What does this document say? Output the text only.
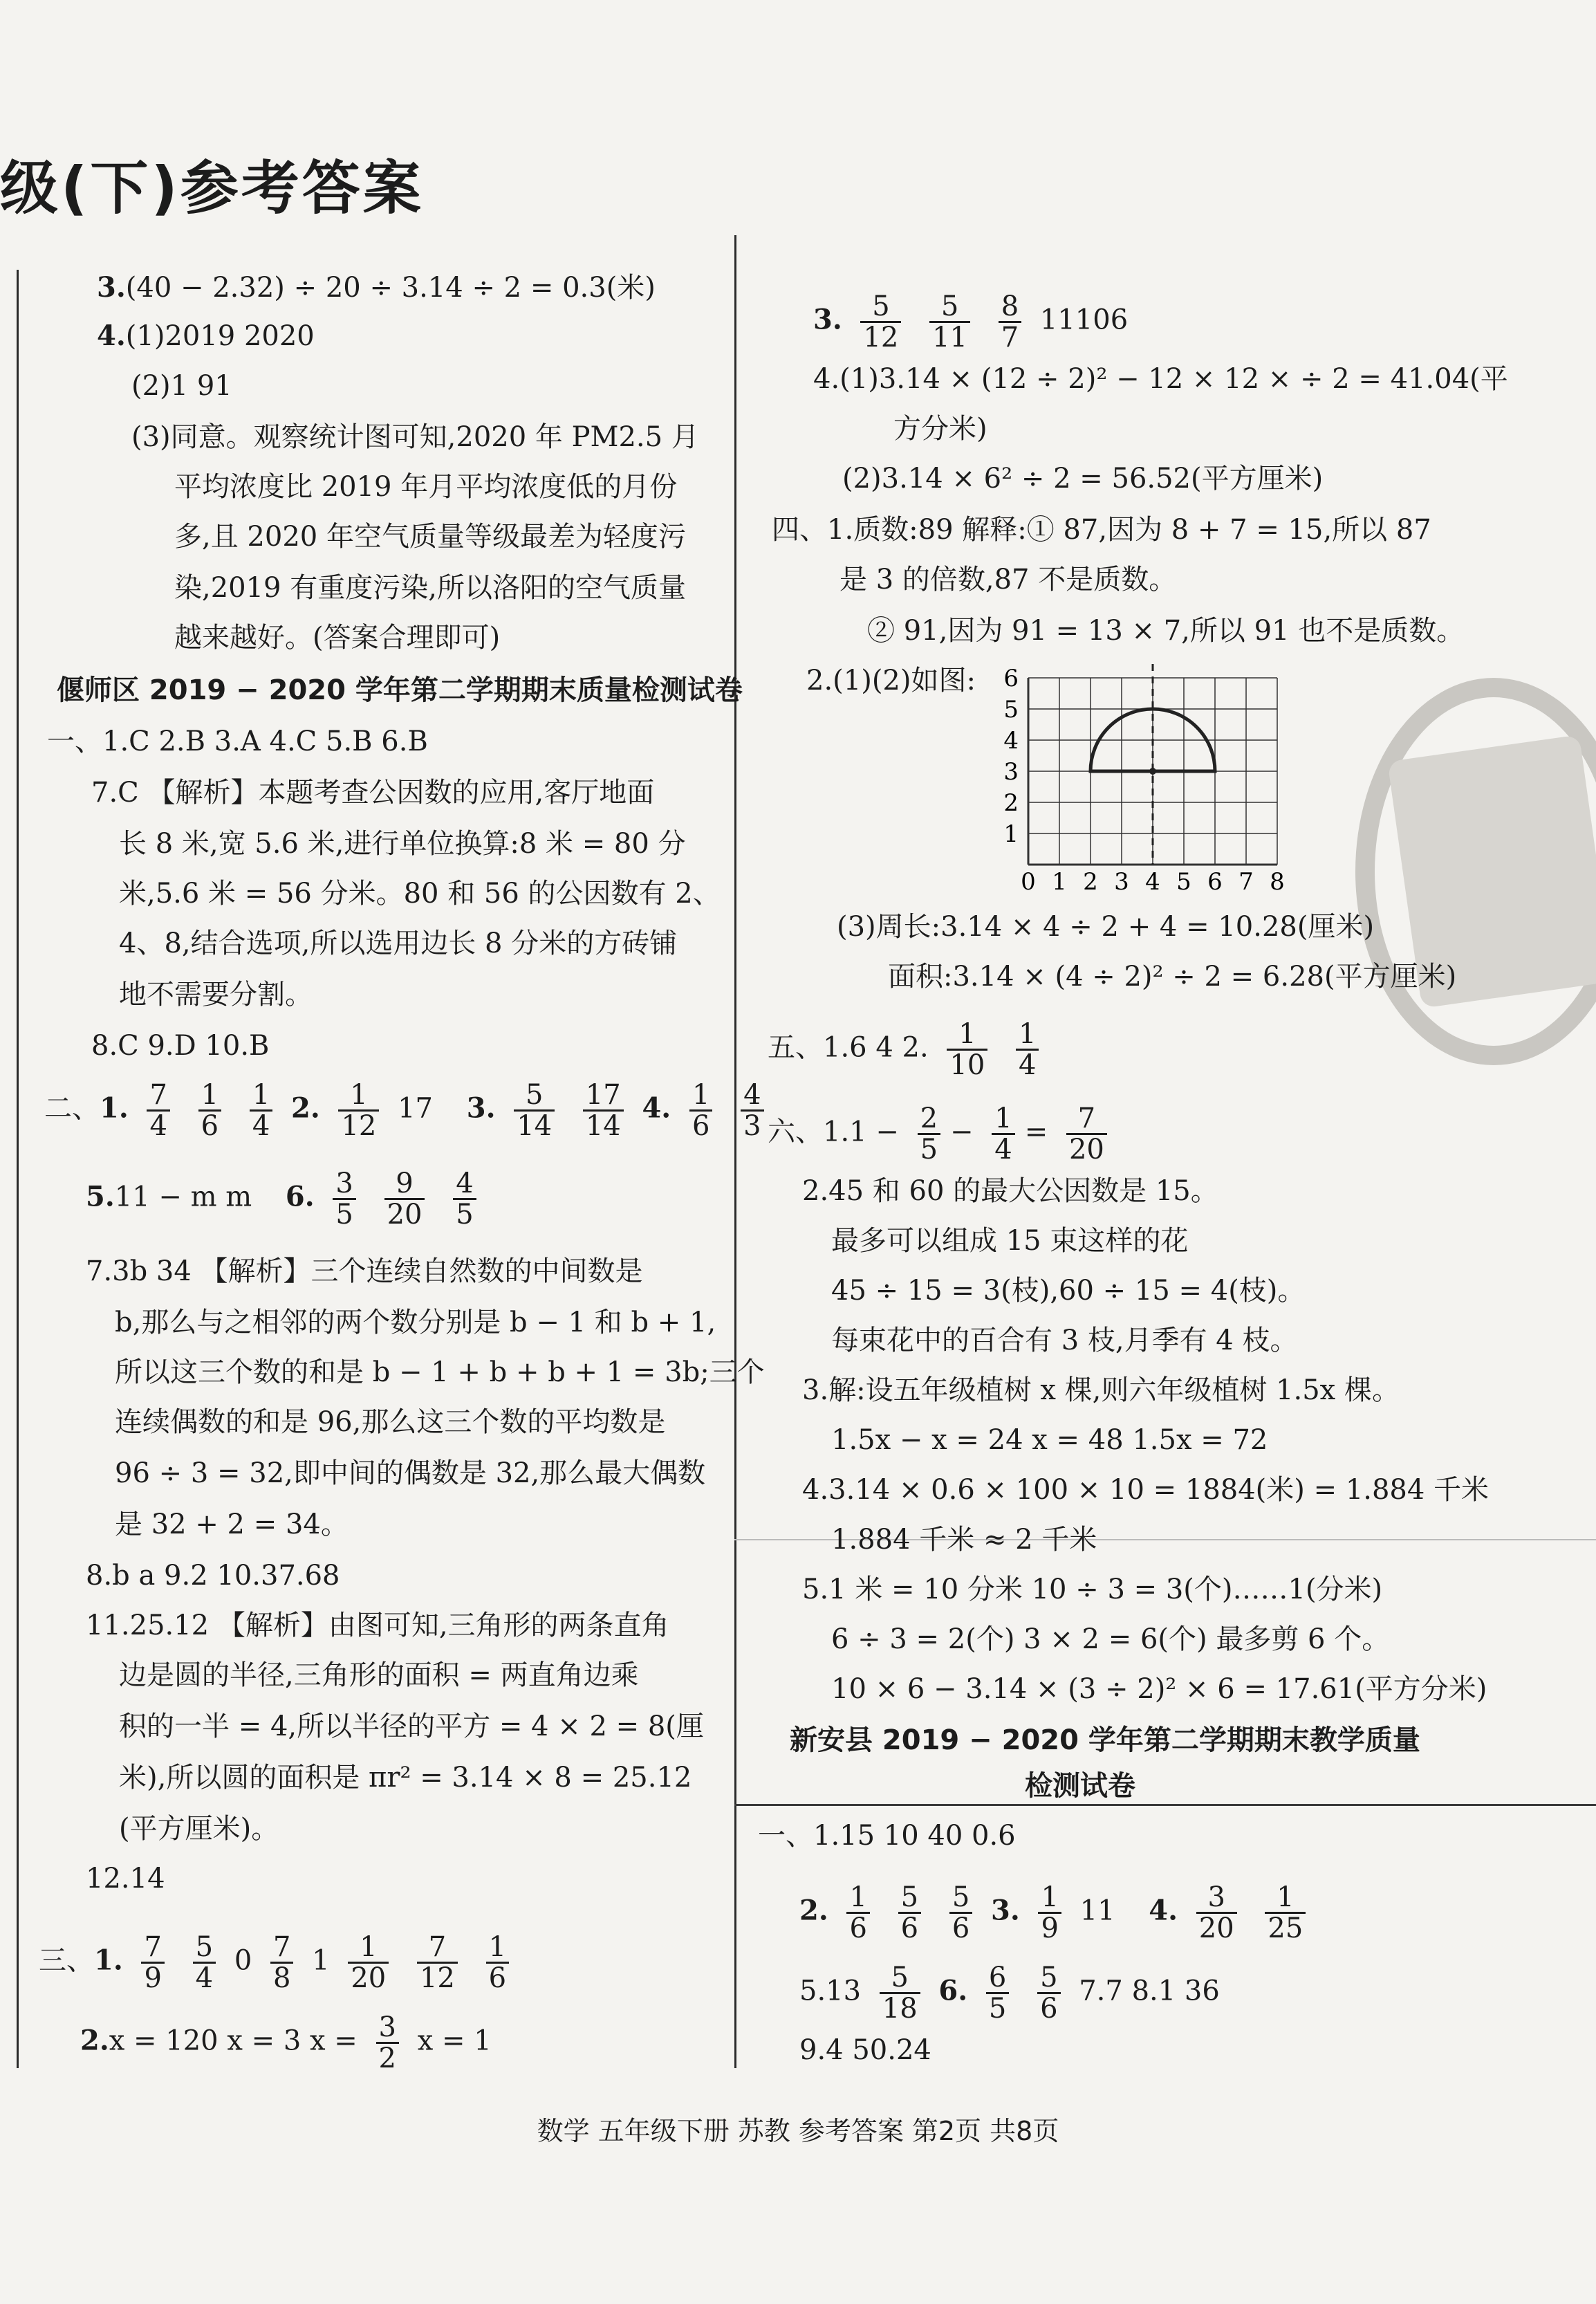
级(下)参考答案
3.(40 − 2.32) ÷ 20 ÷ 3.14 ÷ 2 = 0.3(米)
4.(1)2019 2020
(2)1 91
(3)同意。观察统计图可知,2020 年 PM2.5 月
平均浓度比 2019 年月平均浓度低的月份
多,且 2020 年空气质量等级最差为轻度污
染,2019 有重度污染,所以洛阳的空气质量
越来越好。(答案合理即可)
偃师区 2019 − 2020 学年第二学期期末质量检测试卷
一、1.C 2.B 3.A 4.C 5.B 6.B
7.C 【解析】本题考查公因数的应用,客厅地面
长 8 米,宽 5.6 米,进行单位换算:8 米 = 80 分
米,5.6 米 = 56 分米。80 和 56 的公因数有 2、
4、8,结合选项,所以选用边长 8 分米的方砖铺
地不需要分割。
8.C 9.D 10.B
二、1. $\frac{7}{4}$
$\frac{1}{6}$
$\frac{1}{4} 2$. $\frac{1}{12} 17$ 3. $\frac{5}{14}$
$\frac{17}{14} 4$. $\frac{1}{6}$
$\frac{4}{3}$
5.11 − m m 6. $\frac{3}{5}$
$\frac{9}{20}$
$\frac{4}{5}$
7.3b 34 【解析】三个连续自然数的中间数是
b,那么与之相邻的两个数分别是 b − 1 和 b + 1,
所以这三个数的和是 b − 1 + b + b + 1 = 3b;三个
连续偶数的和是 96,那么这三个数的平均数是
96 ÷ 3 = 32,即中间的偶数是 32,那么最大偶数
是 32 + 2 = 34。
8.b a 9.2 10.37.68
11.25.12 【解析】由图可知,三角形的两条直角
边是圆的半径,三角形的面积 = 两直角边乘
积的一半 = 4,所以半径的平方 = 4 × 2 = 8(厘
米),所以圆的面积是 πr² = 3.14 × 8 = 25.12
(平方厘米)。
12.14
三、1. $\frac{7}{9}$
$\frac{5}{4} 0 \frac{7}{8} 1 \frac{1}{20}$
$\frac{7}{12}$
$\frac{1}{6}$
2.x = 120 x = 3 $x = \frac{3}{2}$ x = 1
3. $\frac{5}{12}$
$\frac{5}{11}$
$\frac{8}{7} 11106$
4.(1)3.14 × (12 ÷ 2)² − 12 × 12 × ÷ 2 = 41.04(平
方分米)
(2)3.14 × 6² ÷ 2 = 56.52(平方厘米)
四、1.质数:89 解释:① 87,因为 8 + 7 = 15,所以 87
是 3 的倍数,87 不是质数。
② 91,因为 91 = 13 × 7,所以 91 也不是质数。
2.(1)(2)如图:
0 1 2 3 4 5 6 7 8
1
2
3
4
5
6
(3)周长:3.14 × 4 ÷ 2 + 4 = 10.28(厘米)
面积:3.14 × (4 ÷ 2)² ÷ 2 = 6.28(平方厘米)
五、1.6 4 2. $\frac{1}{10}$
$\frac{1}{4}$
六、$1.1 - \frac{2}{5} - \frac{1}{4} = \frac{7}{20}$
2.45 和 60 的最大公因数是 15。
最多可以组成 15 束这样的花
45 ÷ 15 = 3(枝),60 ÷ 15 = 4(枝)。
每束花中的百合有 3 枝,月季有 4 枝。
3.解:设五年级植树 x 棵,则六年级植树 1.5x 棵。
1.5x − x = 24 x = 48 1.5x = 72
4.3.14 × 0.6 × 100 × 10 = 1884(米) = 1.884 千米
1.884 千米 ≈ 2 千米
5.1 米 = 10 分米 10 ÷ 3 = 3(个)……1(分米)
6 ÷ 3 = 2(个) 3 × 2 = 6(个) 最多剪 6 个。
10 × 6 − 3.14 × (3 ÷ 2)² × 6 = 17.61(平方分米)
新安县 2019 − 2020 学年第二学期期末教学质量
检测试卷
一、1.15 10 40 0.6
2. $\frac{1}{6}$
$\frac{5}{6}$
$\frac{5}{6} 3$. $\frac{1}{9} 11$ 4. $\frac{3}{20}$
$\frac{1}{25}$
$5.13 \frac{5}{18} 6$. $\frac{6}{5}$
$\frac{5}{6} 7.7$ 8.1 36
9.4 50.24
数学 五年级下册 苏教 参考答案 第2页 共8页
